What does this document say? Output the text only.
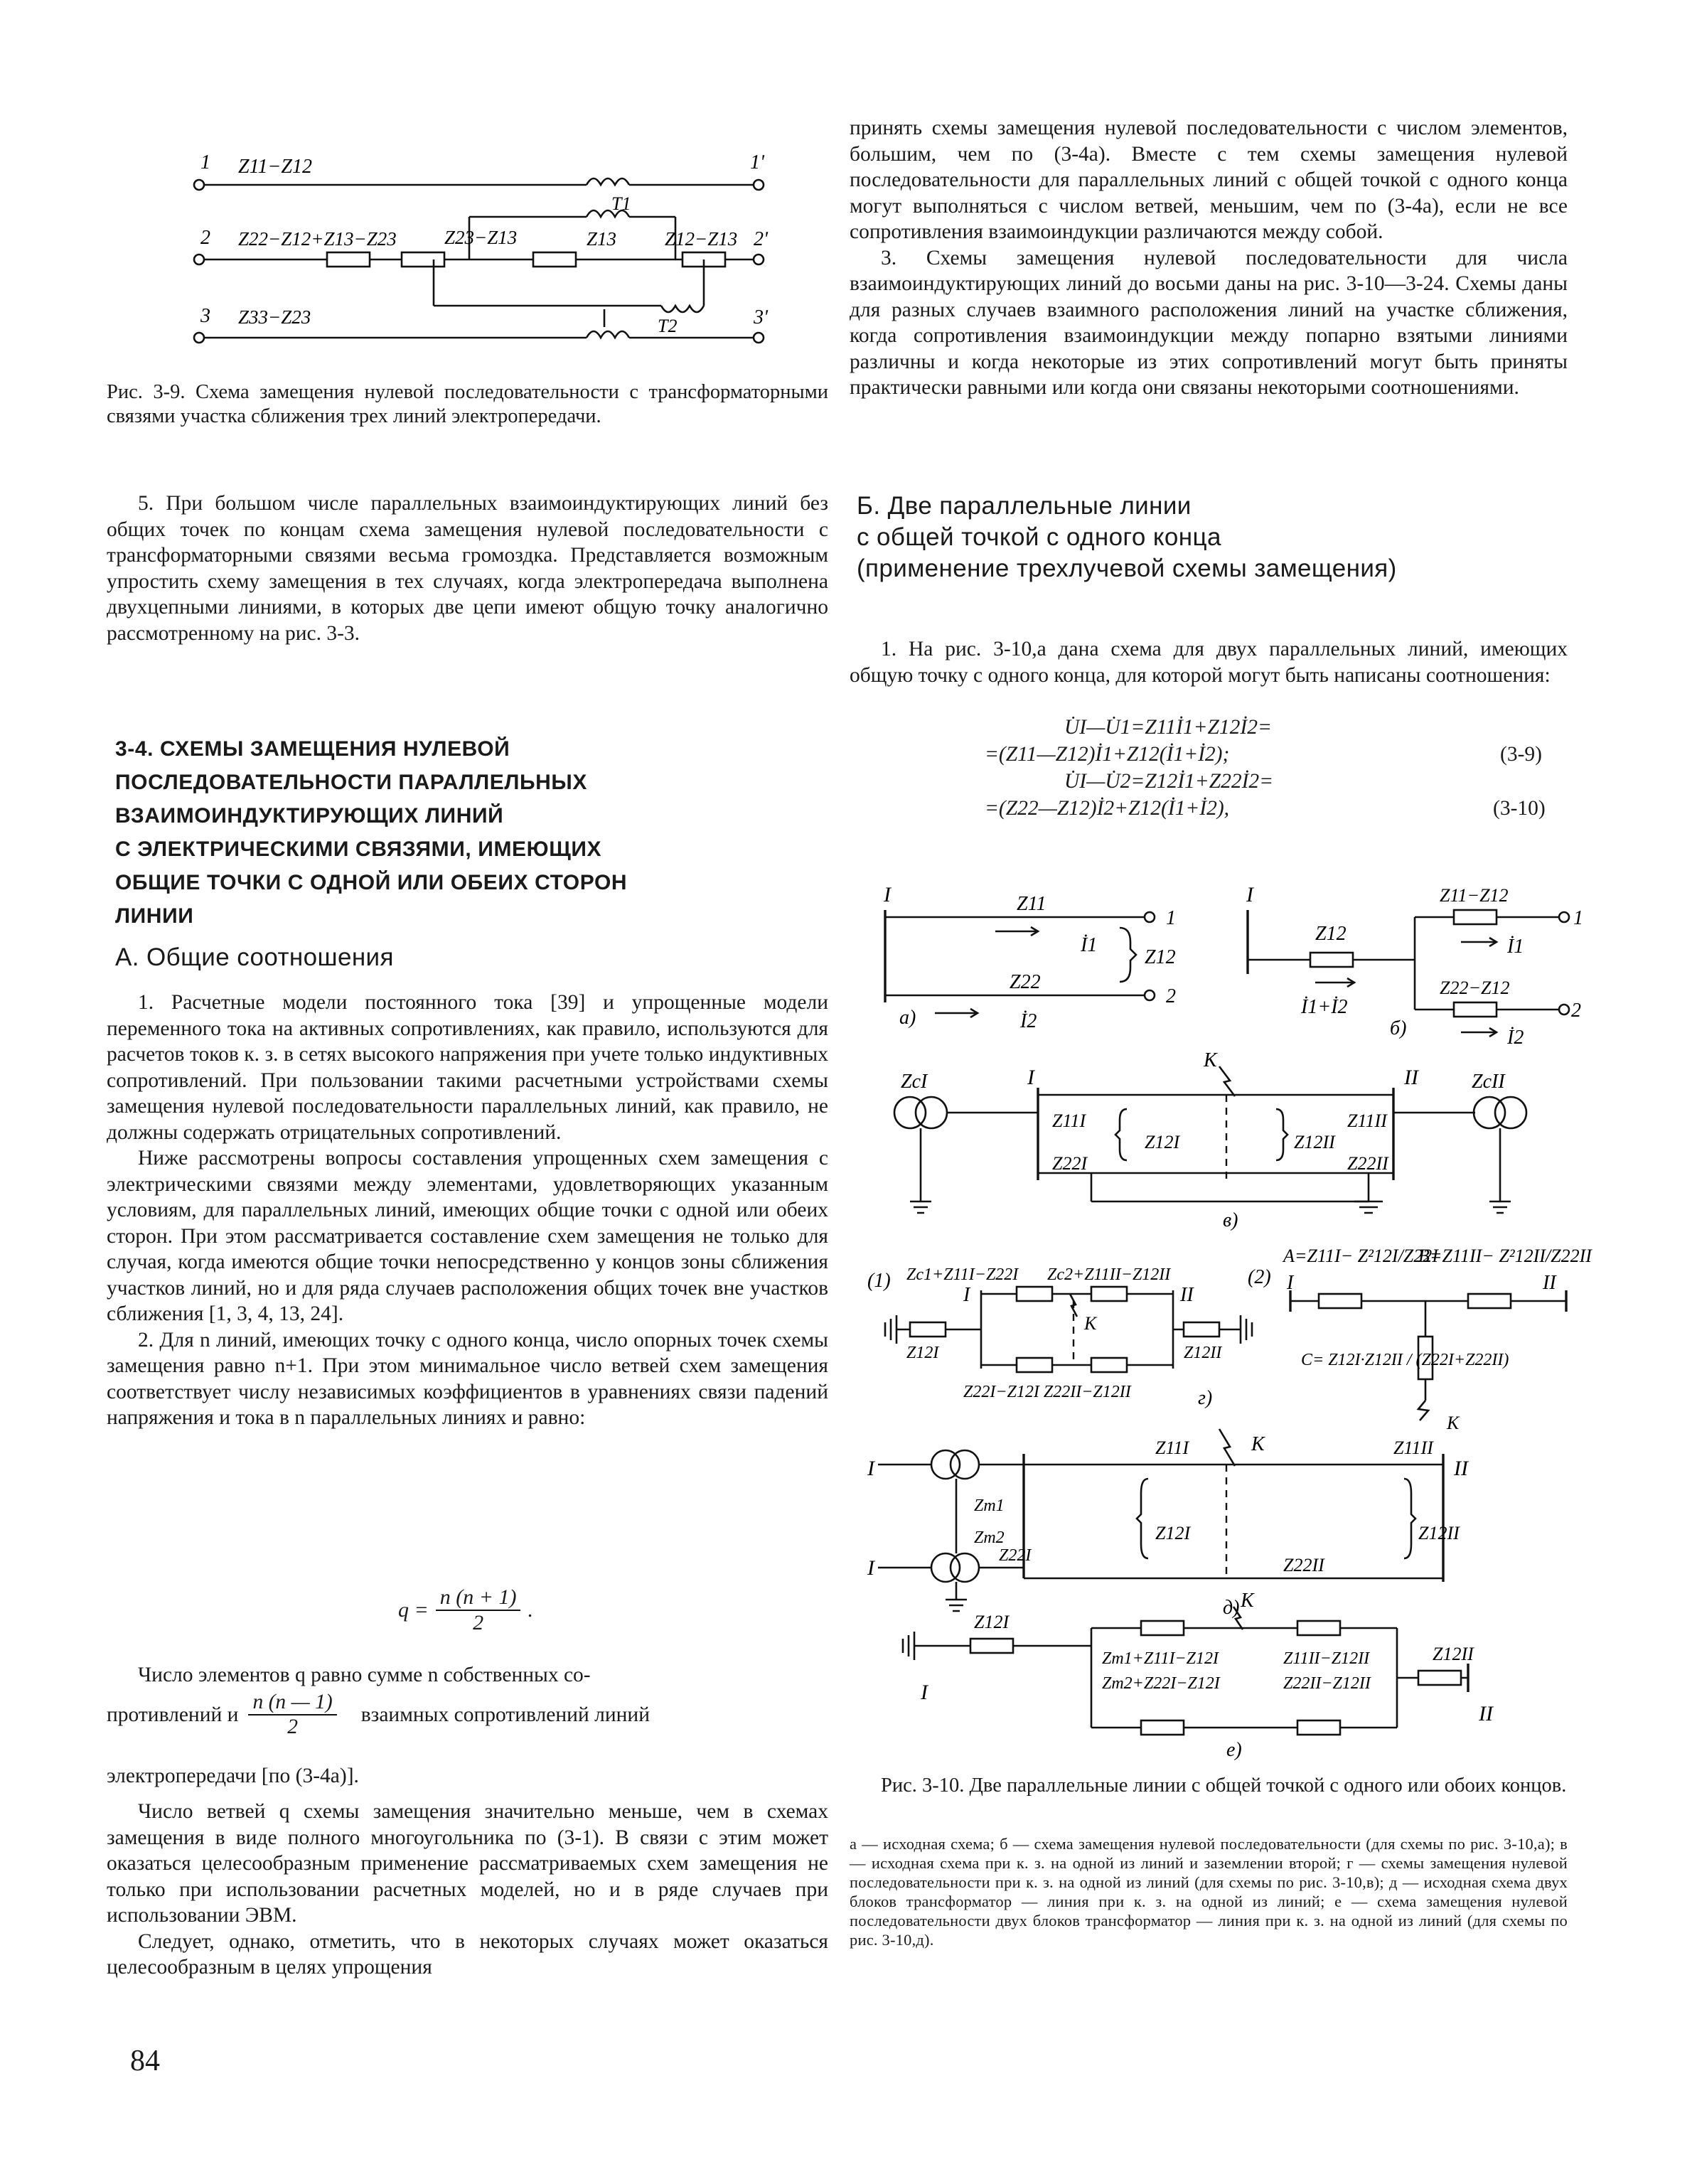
1	1ʹ
Z11−Z12
T1
2 Z22−Z12+Z13−Z23 Z23−Z13	Z13	Z12−Z13 2ʹ
3 Z33−Z23	T2	3ʹ

Рис. 3-9. Схема замещения нулевой последовательности с трансформаторными связями участка сближения трех линий электропередачи.

5. При большом числе параллельных взаимоиндуктирующих линий без общих точек по концам схема замещения нулевой последовательности с трансформаторными связями весьма громоздка. Представляется возможным упростить схему замещения в тех случаях, когда электропередача выполнена двухцепными линиями, в которых две цепи имеют общую точку аналогично рассмотренному на рис. 3-3.

3-4. СХЕМЫ ЗАМЕЩЕНИЯ НУЛЕВОЙ
ПОСЛЕДОВАТЕЛЬНОСТИ ПАРАЛЛЕЛЬНЫХ
ВЗАИМОИНДУКТИРУЮЩИХ ЛИНИЙ
С ЭЛЕКТРИЧЕСКИМИ СВЯЗЯМИ, ИМЕЮЩИХ
ОБЩИЕ ТОЧКИ С ОДНОЙ ИЛИ ОБЕИХ СТОРОН
ЛИНИИ
А. Общие соотношения

1. Расчетные модели постоянного тока [39] и упрощенные модели переменного тока на активных сопротивлениях, как правило, используются для расчетов токов к. з. в сетях высокого напряжения при учете только индуктивных сопротивлений. При пользовании такими расчетными устройствами схемы замещения нулевой последовательности параллельных линий, как правило, не должны содержать отрицательных сопротивлений.

Ниже рассмотрены вопросы составления упрощенных схем замещения с электрическими связями между элементами, удовлетворяющих указанным условиям, для параллельных линий, имеющих общие точки с одной или обеих сторон. При этом рассматривается составление схем замещения не только для случая, когда имеются общие точки непосредственно у концов зоны сближения участков линий, но и для ряда случаев расположения общих точек вне участков сближения [1, 3, 4, 13, 24].

2. Для n линий, имеющих точку с одного конца, число опорных точек схемы замещения равно n+1. При этом минимальное число ветвей схем замещения соответствует числу независимых коэффициентов в уравнениях связи падений напряжения и тока в n параллельных линиях и равно:

$q = \frac{n (n + 1)}{2}$ .

Число элементов q равно сумме n собственных со-

противлений и $\frac{n (n — 1)}{2}$ взаимных сопротивлений линий

электропередачи [по (3-4а)].

Число ветвей q схемы замещения значительно меньше, чем в схемах замещения в виде полного многоугольника по (3-1). В связи с этим может оказаться целесообразным применение рассматриваемых схем замещения не только при использовании расчетных моделей, но и в ряде случаев при использовании ЭВМ.

Следует, однако, отметить, что в некоторых случаях может оказаться целесообразным в целях упрощения

84

принять схемы замещения нулевой последовательности с числом элементов, большим, чем по (3-4а). Вместе с тем схемы замещения нулевой последовательности для параллельных линий с общей точкой с одного конца могут выполняться с числом ветвей, меньшим, чем по (3-4а), если не все сопротивления взаимоиндукции различаются между собой.

3. Схемы замещения нулевой последовательности для числа взаимоиндуктирующих линий до восьми даны на рис. 3-10—3-24. Схемы даны для разных случаев взаимного расположения линий на участке сближения, когда сопротивления взаимоиндукции между попарно взятыми линиями различны и когда некоторые из этих сопротивлений могут быть приняты практически равными или когда они связаны некоторыми соотношениями.

Б. Две параллельные линии
с общей точкой с одного конца
(применение трехлучевой схемы замещения)

1. На рис. 3-10,а дана схема для двух параллельных линий, имеющих общую точку с одного конца, для которой могут быть написаны соотношения:

U̇I—U̇1=Z11İ1+Z12İ2=
=(Z11—Z12)İ1+Z12(İ1+İ2);	(3-9)
U̇I—U̇2=Z12İ1+Z22İ2=
=(Z22—Z12)İ2+Z12(İ1+İ2),	(3-10)

Рис. 3-10. Две параллельные линии с общей точкой с одного или обоих концов.

а — исходная схема; б — схема замещения нулевой последовательности (для схемы по рис. 3-10,а); в — исходная схема при к. з. на одной из линий и заземлении второй; г — схемы замещения нулевой последовательности при к. з. на одной из линий (для схемы по рис. 3-10,в); д — исходная схема двух блоков трансформатор — линия при к. з. на одной из линий; е — схема замещения нулевой последовательности двух блоков трансформатор — линия при к. з. на одной из линий (для схемы по рис. 3-10,д).

I	Z11
1
İ1
Z12
Z22
2
а)	İ2
I
Z12
Z11−Z12
1
İ1
Z22−Z12
2
İ1+İ2
б)	İ2
ZcI	ZcII
I	II
К
Z11I
Z22I
Z12I	Z12II
Z11II
Z22II
в)
(1) Zc1+Z11I−Z22I Zc2+Z11II−Z12II
I	II
К
Z12I	Z12II
Z22I−Z12I Z22II−Z12II	г)
(2)
A=Z11I− Z²12I/Z22I
B=Z11II− Z²12II/Z22II
I	II
C= Z12I·Z12II / (Z22I+Z22II)
К
I
I
II
К
Z11I	Z11II
Zт1
Zт2
Z22I
Z12I	Z12II
Z22II
д) К
Z12I
Z12II
Zт1+Z11I−Z12I
Zт2+Z22I−Z12I
Z11II−Z12II
Z22II−Z12II
I
II
е)
